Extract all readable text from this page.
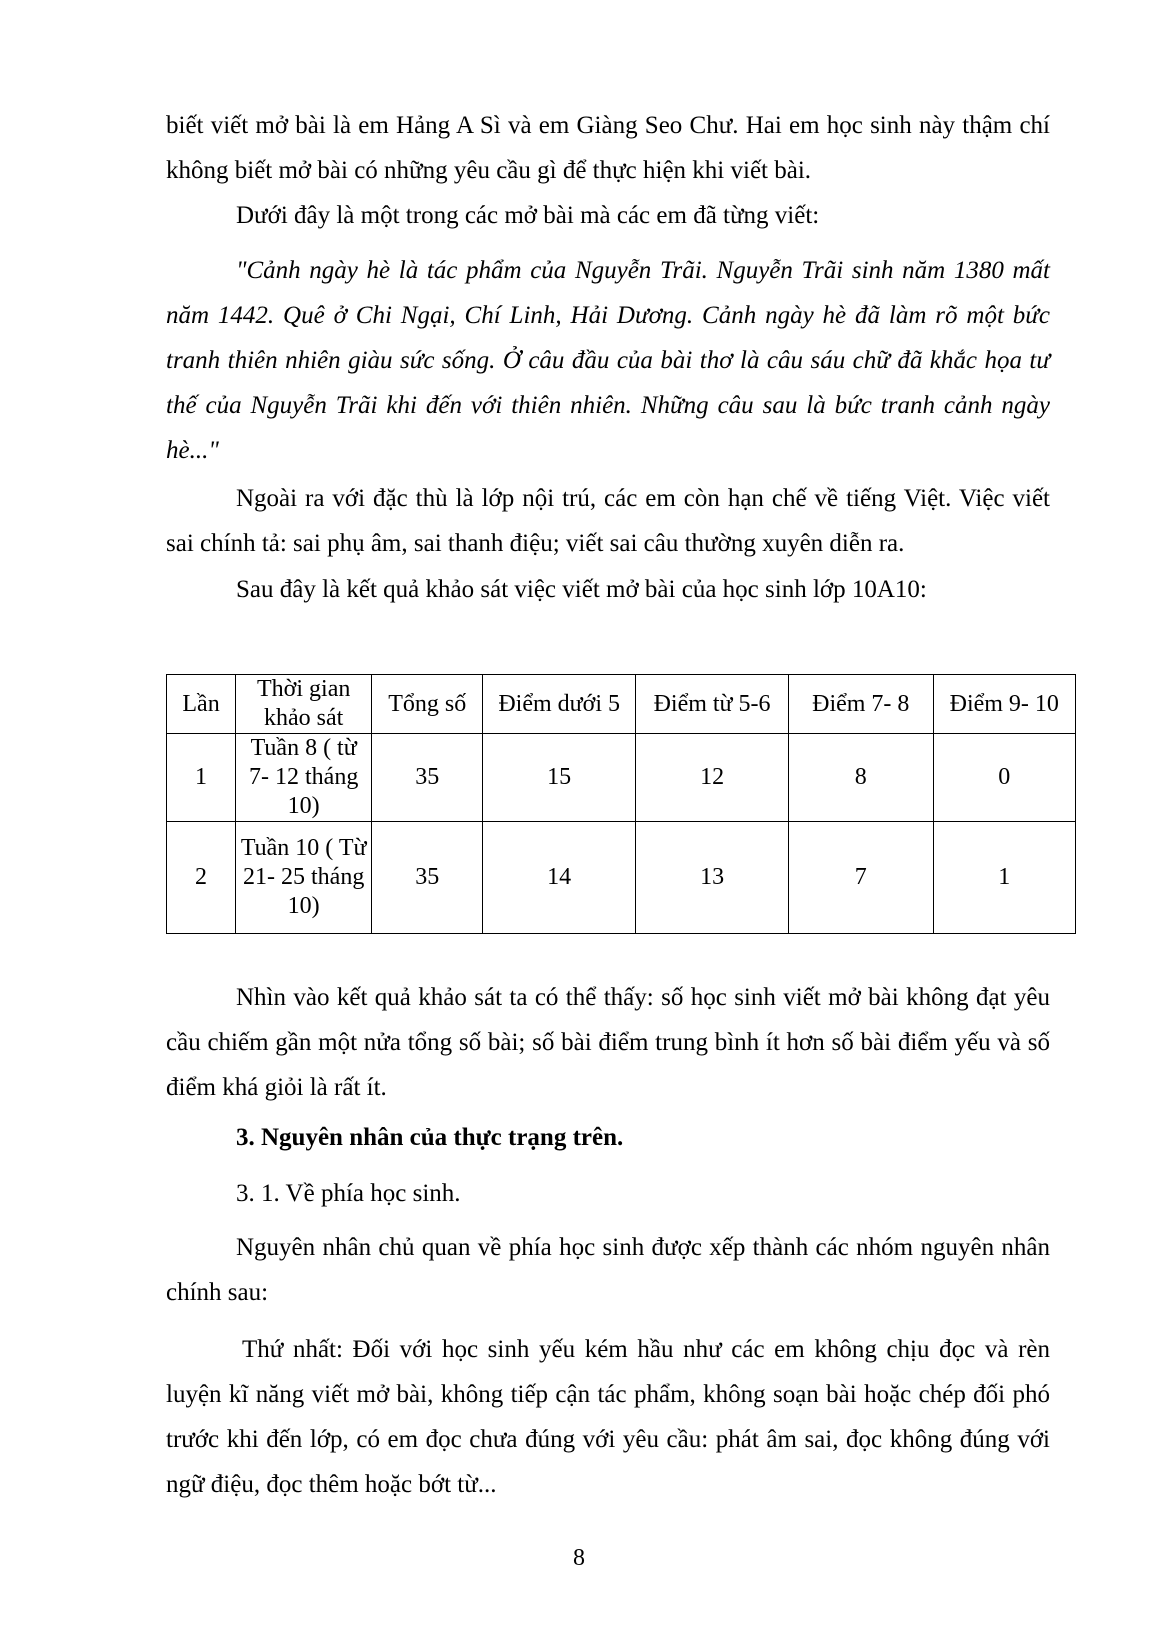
biết viết mở bài là em Hảng A Sì và em Giàng Seo Chư. Hai em học sinh này thậm chí không biết mở bài có những yêu cầu gì để thực hiện khi viết bài.

Dưới đây là một trong các mở bài mà các em đã từng viết:

"Cảnh ngày hè là tác phẩm của Nguyễn Trãi. Nguyễn Trãi sinh năm 1380 mất năm 1442. Quê ở Chi Ngại, Chí Linh, Hải Dương. Cảnh ngày hè đã làm rõ một bức tranh thiên nhiên giàu sức sống. Ở câu đầu của bài thơ là câu sáu chữ đã khắc họa tư thế của Nguyễn Trãi khi đến với thiên nhiên. Những câu sau là bức tranh cảnh ngày hè..."

Ngoài ra với đặc thù là lớp nội trú, các em còn hạn chế về tiếng Việt. Việc viết sai chính tả: sai phụ âm, sai thanh điệu; viết sai câu thường xuyên diễn ra.

Sau đây là kết quả khảo sát việc viết mở bài của học sinh lớp 10A10:

Lần	Thời gian khảo sát	Tổng số	Điểm dưới 5	Điểm từ 5-6	Điểm 7- 8	Điểm 9- 10
1	Tuần 8 ( từ 7- 12 tháng 10)	35	15	12	8	0
2	Tuần 10 ( Từ 21- 25 tháng 10)	35	14	13	7	1

Nhìn vào kết quả khảo sát ta có thể thấy: số học sinh viết mở bài không đạt yêu cầu chiếm gần một nửa tổng số bài; số bài điểm trung bình ít hơn số bài điểm yếu và số điểm khá giỏi là rất ít.

3. Nguyên nhân của thực trạng trên.

3. 1. Về phía học sinh.

Nguyên nhân chủ quan về phía học sinh được xếp thành các nhóm nguyên nhân chính sau:

Thứ nhất: Đối với học sinh yếu kém hầu như các em không chịu đọc và rèn luyện kĩ năng viết mở bài, không tiếp cận tác phẩm, không soạn bài hoặc chép đối phó trước khi đến lớp, có em đọc chưa đúng với yêu cầu: phát âm sai, đọc không đúng với ngữ điệu, đọc thêm hoặc bớt từ...

8
